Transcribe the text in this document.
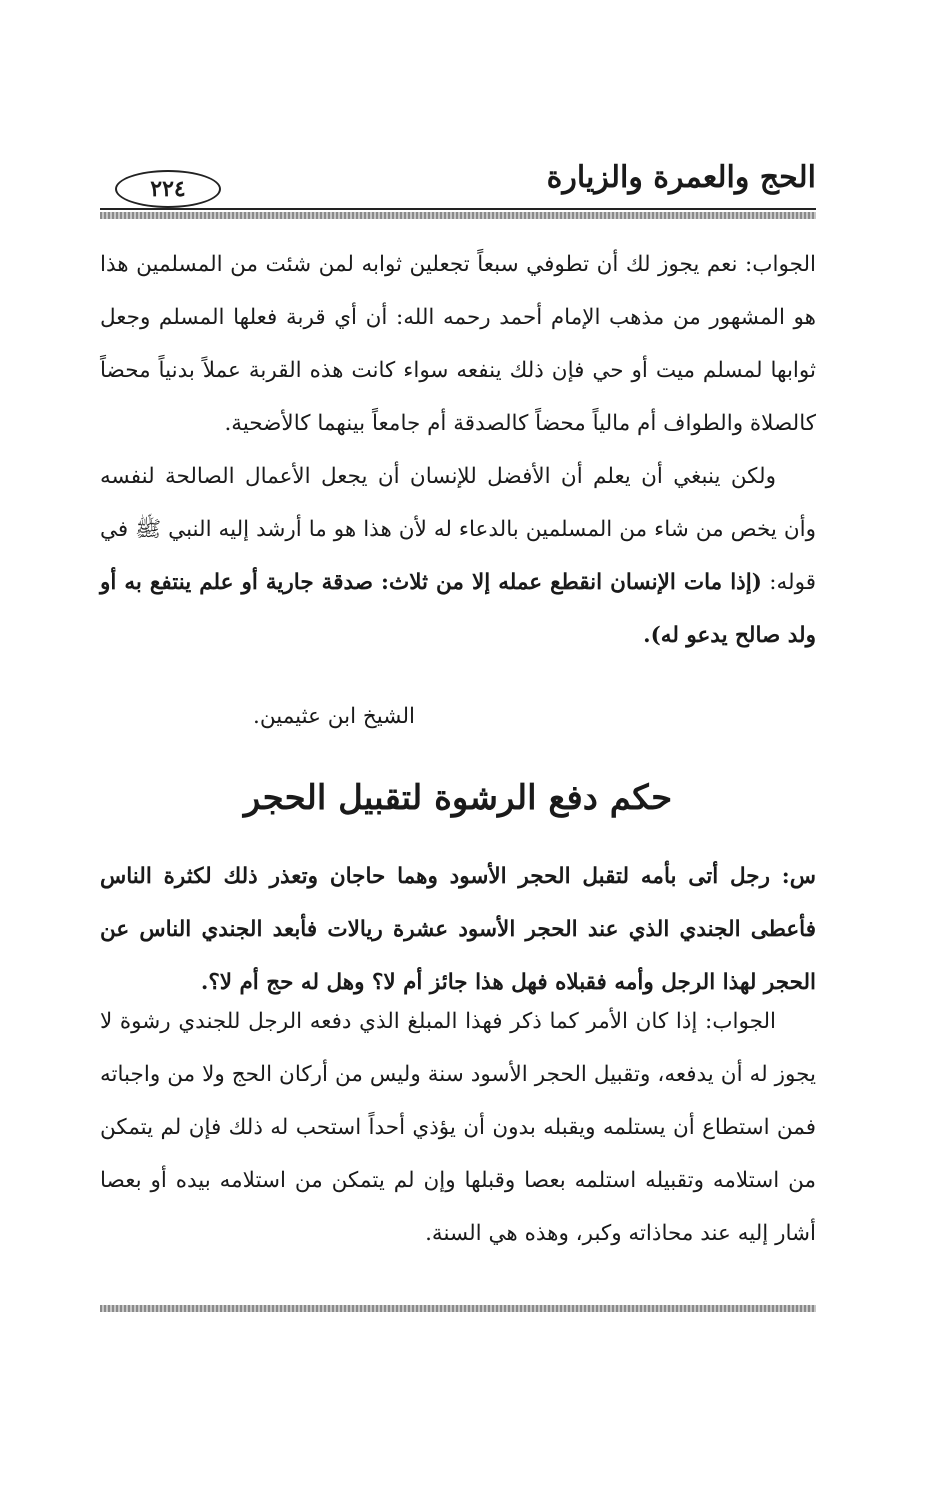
٢٢٤	الحج والعمرة والزيارة

الجواب: نعم يجوز لك أن تطوفي سبعاً تجعلين ثوابه لمن شئت من المسلمين هذا هو المشهور من مذهب الإمام أحمد رحمه الله: أن أي قربة فعلها المسلم وجعل ثوابها لمسلم ميت أو حي فإن ذلك ينفعه سواء كانت هذه القربة عملاً بدنياً محضاً كالصلاة والطواف أم مالياً محضاً كالصدقة أم جامعاً بينهما كالأضحية.

ولكن ينبغي أن يعلم أن الأفضل للإنسان أن يجعل الأعمال الصالحة لنفسه وأن يخص من شاء من المسلمين بالدعاء له لأن هذا هو ما أرشد إليه النبي ﷺ في قوله: (إذا مات الإنسان انقطع عمله إلا من ثلاث: صدقة جارية أو علم ينتفع به أو ولد صالح يدعو له).

الشيخ ابن عثيمين.
حكم دفع الرشوة لتقبيل الحجر

س: رجل أتى بأمه لتقبل الحجر الأسود وهما حاجان وتعذر ذلك لكثرة الناس فأعطى الجندي الذي عند الحجر الأسود عشرة ريالات فأبعد الجندي الناس عن الحجر لهذا الرجل وأمه فقبلاه فهل هذا جائز أم لا؟ وهل له حج أم لا؟.

الجواب: إذا كان الأمر كما ذكر فهذا المبلغ الذي دفعه الرجل للجندي رشوة لا يجوز له أن يدفعه، وتقبيل الحجر الأسود سنة وليس من أركان الحج ولا من واجباته فمن استطاع أن يستلمه ويقبله بدون أن يؤذي أحداً استحب له ذلك فإن لم يتمكن من استلامه وتقبيله استلمه بعصا وقبلها وإن لم يتمكن من استلامه بيده أو بعصا أشار إليه عند محاذاته وكبر، وهذه هي السنة.
